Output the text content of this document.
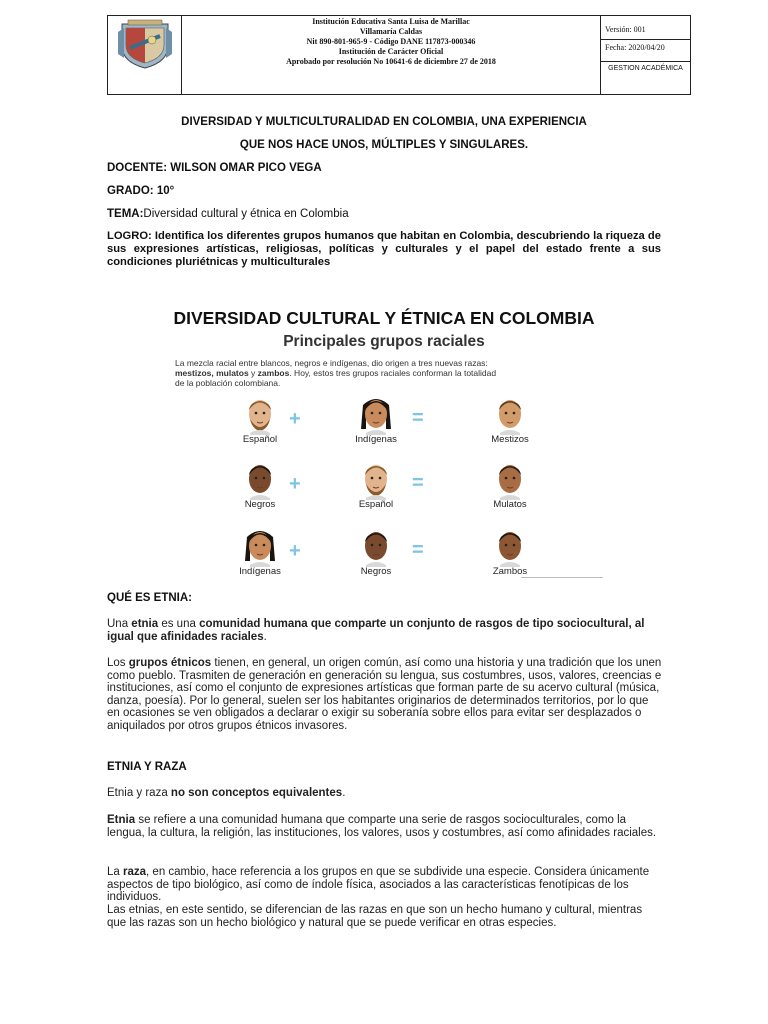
Institución Educativa Santa Luisa de Marillac
Villamaría Caldas
Nit 890-801-965-9 - Código DANE 117873-000346
Institución de Carácter Oficial
Aprobado por resolución No 10641-6 de diciembre 27 de 2018
Versión: 001
Fecha: 2020/04/20
GESTION ACADÉMICA
DIVERSIDAD Y MULTICULTURALIDAD EN COLOMBIA, UNA EXPERIENCIA
QUE NOS HACE UNOS, MÚLTIPLES Y SINGULARES.
DOCENTE: WILSON OMAR PICO VEGA
GRADO: 10°
TEMA:Diversidad cultural y étnica en Colombia
LOGRO: Identifica los diferentes grupos humanos que habitan en Colombia, descubriendo la riqueza de sus expresiones artísticas, religiosas, políticas y culturales y el papel del estado frente a sus condiciones pluriétnicas y multiculturales
DIVERSIDAD CULTURAL Y ÉTNICA EN COLOMBIA
Principales grupos raciales
La mezcla racial entre blancos, negros e indígenas, dio origen a tres nuevas razas:
mestizos, mulatos y zambos. Hoy, estos tres grupos raciales conforman la totalidad
de la población colombiana.
Español	Indígenas	Mestizos
+	=
Negros	Español	Mulatos
+	=
Indígenas	Negros	Zambos
+	=
QUÉ ES ETNIA:
Una etnia es una comunidad humana que comparte un conjunto de rasgos de tipo sociocultural, al igual que afinidades raciales.
Los grupos étnicos tienen, en general, un origen común, así como una historia y una tradición que los unen como pueblo. Trasmiten de generación en generación su lengua, sus costumbres, usos, valores, creencias e instituciones, así como el conjunto de expresiones artísticas que forman parte de su acervo cultural (música, danza, poesía). Por lo general, suelen ser los habitantes originarios de determinados territorios, por lo que en ocasiones se ven obligados a declarar o exigir su soberanía sobre ellos para evitar ser desplazados o aniquilados por otros grupos étnicos invasores.
ETNIA Y RAZA
Etnia y raza no son conceptos equivalentes.
Etnia se refiere a una comunidad humana que comparte una serie de rasgos socioculturales, como la lengua, la cultura, la religión, las instituciones, los valores, usos y costumbres, así como afinidades raciales.
La raza, en cambio, hace referencia a los grupos en que se subdivide una especie. Considera únicamente aspectos de tipo biológico, así como de índole física, asociados a las características fenotípicas de los individuos.
Las etnias, en este sentido, se diferencian de las razas en que son un hecho humano y cultural, mientras que las razas son un hecho biológico y natural que se puede verificar en otras especies.
